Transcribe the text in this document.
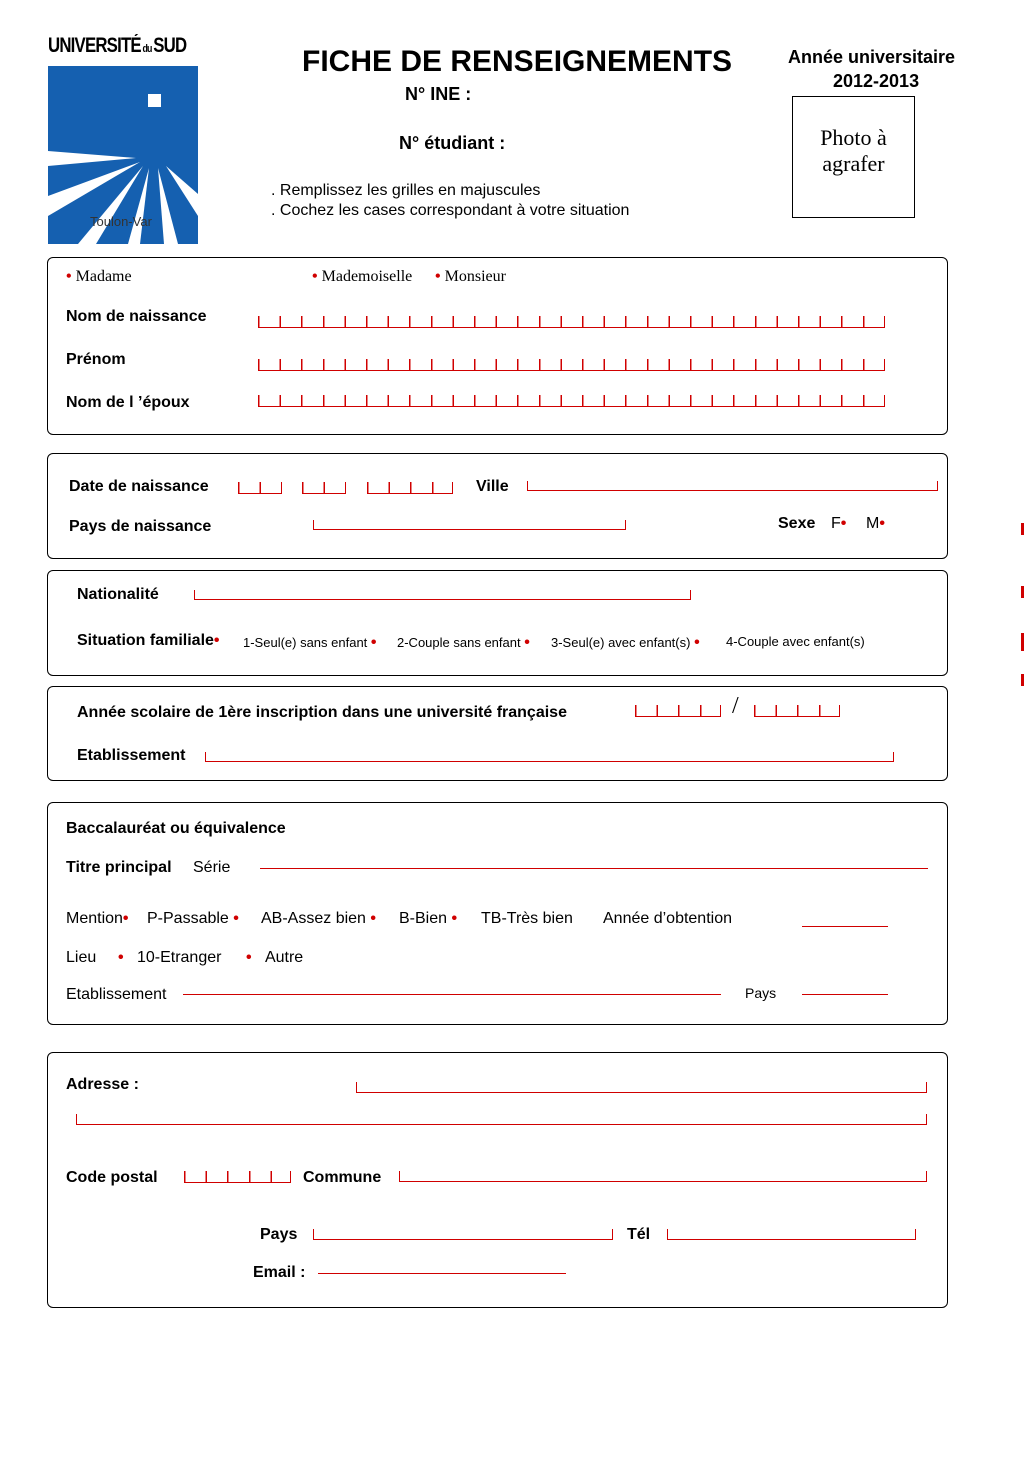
UNIVERSITÉ du SUD
Toulon-Var
FICHE DE RENSEIGNEMENTS
N° INE :
N° étudiant :
. Remplissez les grilles en majuscules
. Cochez les cases correspondant à votre situation
Année universitaire
2012-2013
Photo à
agrafer
• Madame	• Mademoiselle • Monsieur
Nom de naissance
Prénom
Nom de l ’époux
Date de naissance	Ville
Pays de naissance	Sexe F• M•
Nationalité
Situation familiale• 1-Seul(e) sans enfant • 2-Couple sans enfant • 3-Seul(e) avec enfant(s) • 4-Couple avec enfant(s)
Année scolaire de 1ère inscription dans une université française	/
Etablissement
Baccalauréat ou équivalence
Titre principal Série
Mention• P-Passable • AB-Assez bien • B-Bien • TB-Très bien Année d’obtention
Lieu • 10-Etranger • Autre
Etablissement	Pays
Adresse :
Code postal	Commune
Pays	Tél
Email :
